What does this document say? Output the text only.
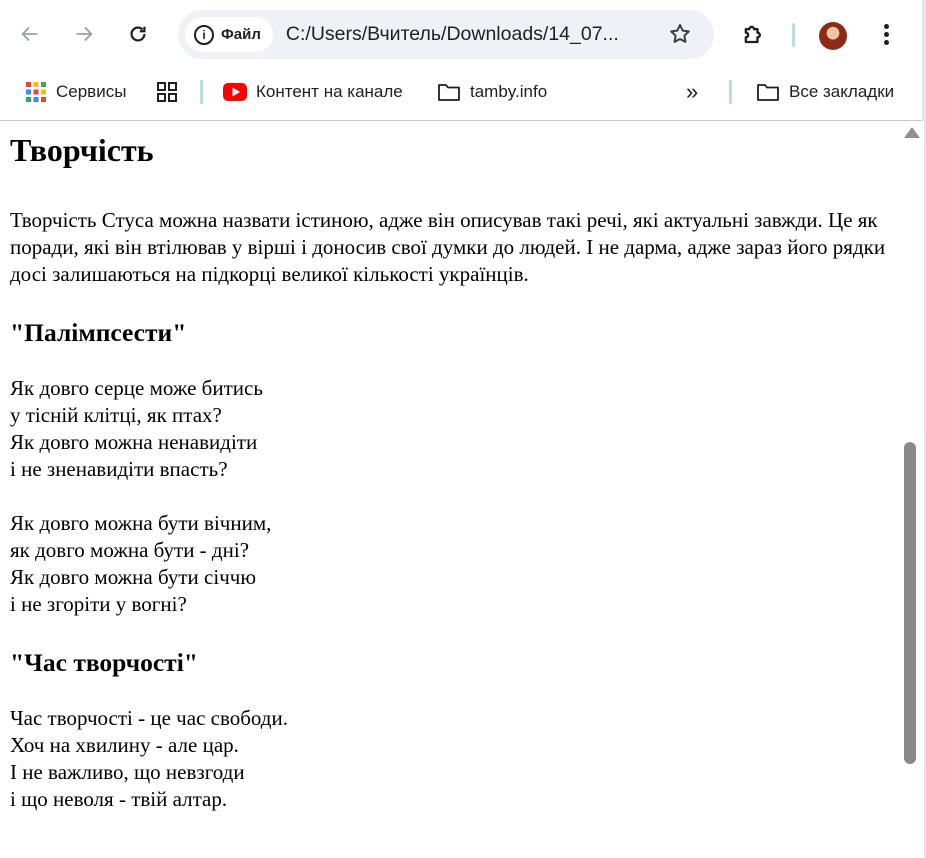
i	Файл C:/Users/Вчитель/Downloads/14_07...
Сервисы	Контент на канале	tamby.info	»	Все закладки
Творчість

Творчість Стуса можна назвати істиною, адже він описував такі речі, які актуальні завжди. Це як поради, які він втілював у вірші і доносив свої думки до людей. І не дарма, адже зараз його рядки досі залишаються на підкорці великої кількості українців.

"Палімпсести"
Як довго серце може битись
у тісній клітці, як птах?
Як довго можна ненавидіти
і не зненавидіти впасть?
Як довго можна бути вічним,
як довго можна бути - дні?
Як довго можна бути січчю
і не згоріти у вогні?
"Час творчості"
Час творчості - це час свободи.
Хоч на хвилину - але цар.
І не важливо, що невзгоди
і що неволя - твій алтар.
